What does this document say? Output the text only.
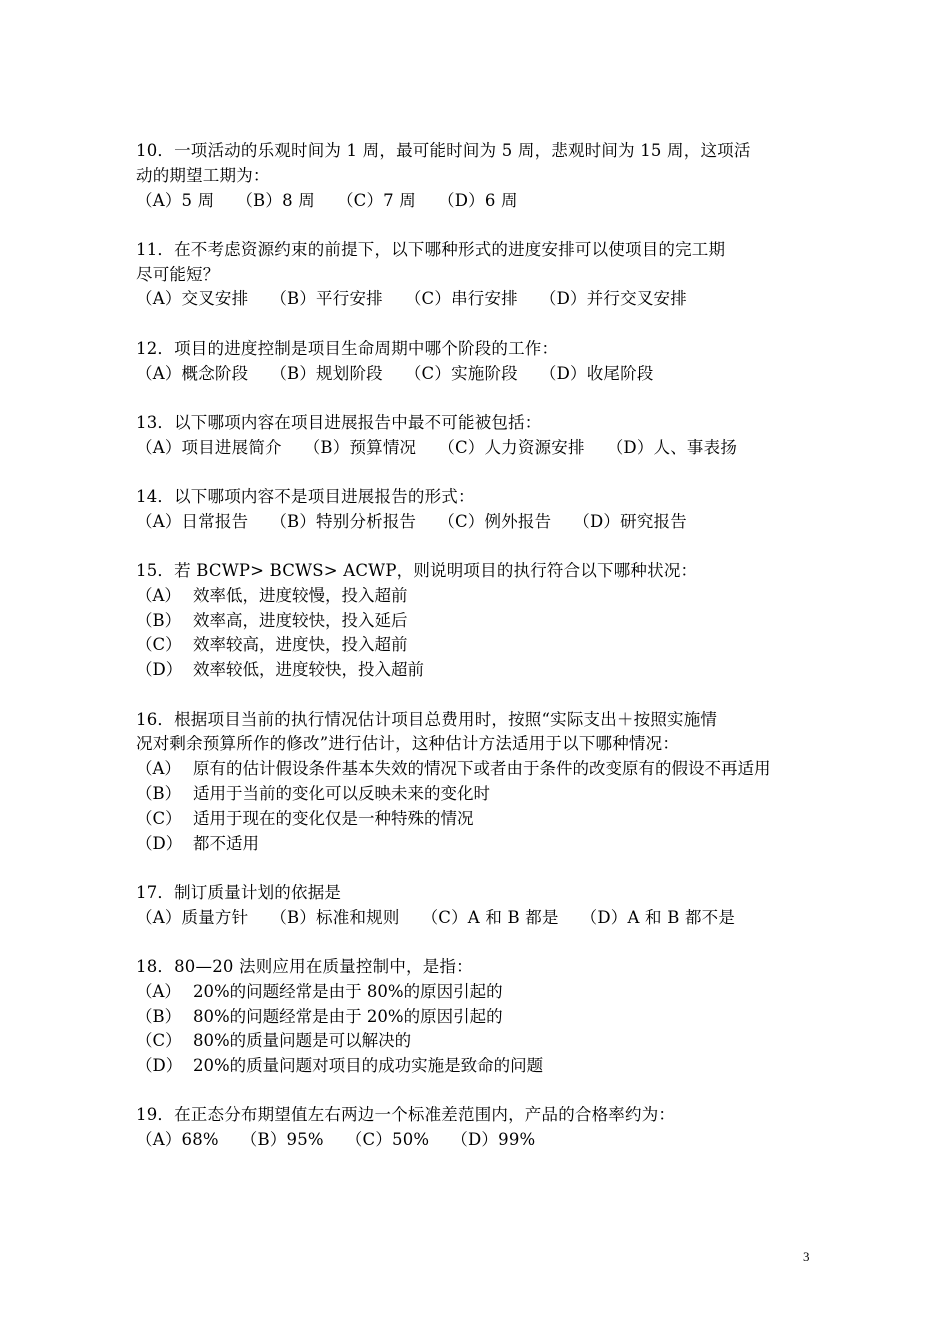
10．一项活动的乐观时间为 1 周，最可能时间为 5 周，悲观时间为 15 周，这项活
动的期望工期为：
（A）5 周 （B）8 周 （C）7 周 （D）6 周
11．在不考虑资源约束的前提下，以下哪种形式的进度安排可以使项目的完工期
尽可能短？
（A）交叉安排 （B）平行安排 （C）串行安排 （D）并行交叉安排
12．项目的进度控制是项目生命周期中哪个阶段的工作：
（A）概念阶段 （B）规划阶段 （C）实施阶段 （D）收尾阶段
13．以下哪项内容在项目进展报告中最不可能被包括：
（A）项目进展简介 （B）预算情况 （C）人力资源安排 （D）人、事表扬
14．以下哪项内容不是项目进展报告的形式：
（A）日常报告 （B）特别分析报告 （C）例外报告 （D）研究报告
15．若 BCWP> BCWS> ACWP，则说明项目的执行符合以下哪种状况：
（A） 效率低，进度较慢，投入超前
（B） 效率高，进度较快，投入延后
（C） 效率较高，进度快，投入超前
（D） 效率较低，进度较快，投入超前
16．根据项目当前的执行情况估计项目总费用时，按照“实际支出＋按照实施情
况对剩余预算所作的修改”进行估计，这种估计方法适用于以下哪种情况：
（A） 原有的估计假设条件基本失效的情况下或者由于条件的改变原有的假设不再适用
（B） 适用于当前的变化可以反映未来的变化时
（C） 适用于现在的变化仅是一种特殊的情况
（D） 都不适用
17．制订质量计划的依据是
（A）质量方针 （B）标准和规则 （C）A 和 B 都是 （D）A 和 B 都不是
18．80—20 法则应用在质量控制中，是指：
（A） 20%的问题经常是由于 80%的原因引起的
（B） 80%的问题经常是由于 20%的原因引起的
（C） 80%的质量问题是可以解决的
（D） 20%的质量问题对项目的成功实施是致命的问题
19．在正态分布期望值左右两边一个标准差范围内，产品的合格率约为：
（A）68% （B）95% （C）50% （D）99%
3
